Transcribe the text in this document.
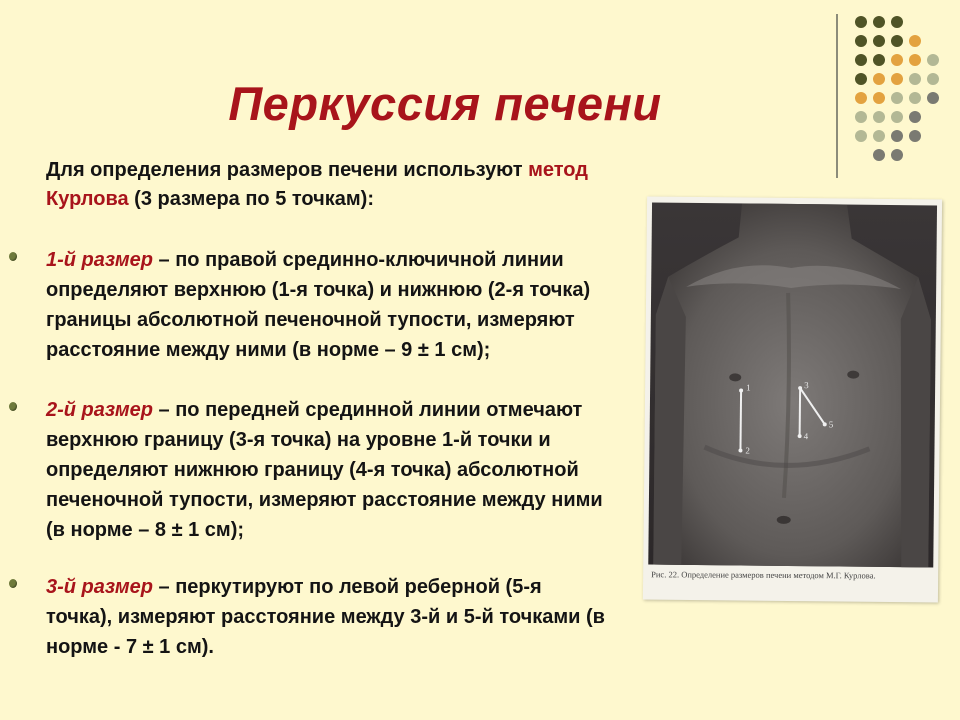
Перкуссия печени
Для определения размеров печени используют метод Курлова (3 размера по 5 точкам):
1-й размер – по правой срединно-ключичной линии определяют верхнюю (1-я точка) и нижнюю (2-я точка) границы абсолютной печеночной тупости, измеряют расстояние между ними (в норме – 9 ± 1 см);
2-й размер – по передней срединной линии отмечают верхнюю границу (3-я точка) на уровне 1-й точки и определяют нижнюю границу (4-я точка) абсолютной печеночной тупости, измеряют расстояние между ними (в норме – 8 ± 1 см);
3-й размер – перкутируют по левой реберной (5-я точка), измеряют расстояние между 3-й и 5-й точками (в норме - 7 ± 1 см).
1
2
3
4
5
Рис. 22. Определение размеров печени методом М.Г. Курлова.
